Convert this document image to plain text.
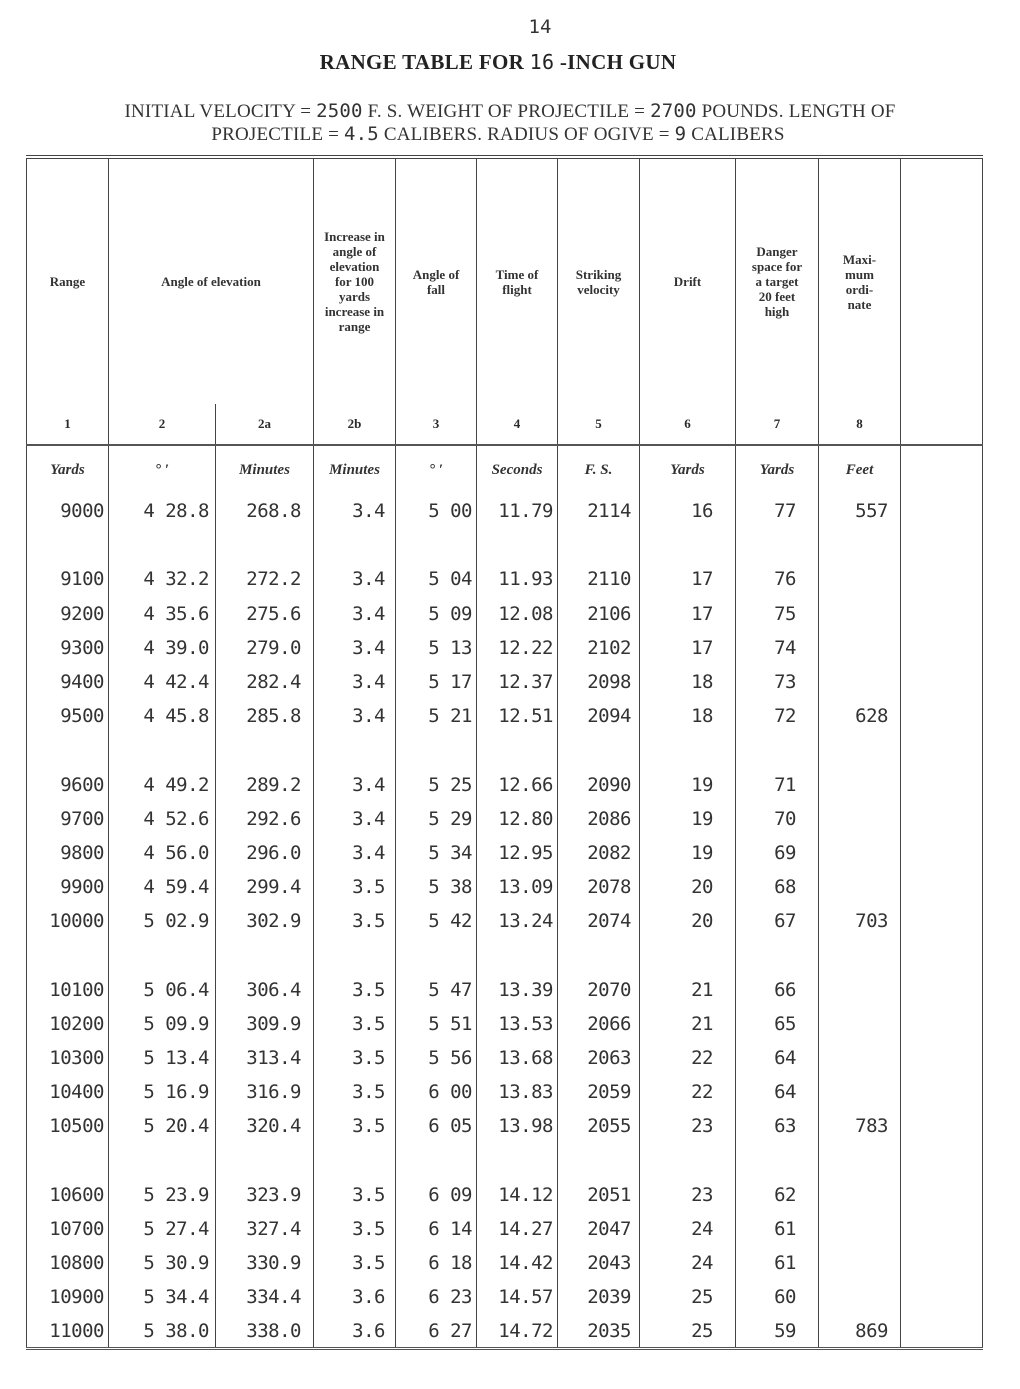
14
RANGE TABLE FOR 16 -INCH GUN
INITIAL VELOCITY = 2500 F. S. WEIGHT OF PROJECTILE = 2700 POUNDS. LENGTH OF
PROJECTILE = 4.5 CALIBERS. RADIUS OF OGIVE = 9 CALIBERS
Range	Angle of elevation		Increase in angle of elevation for 100 yards increase in range	Angle of fall	Time of flight	Striking velocity	Drift	Danger space for a target 20 feet high	Maxi- mum ordi- nate	
1	2	2a	2b	3	4	5	6	7	8	
Yards	° ′	Minutes	Minutes	° ′	Seconds	F. S.	Yards	Yards	Feet	
9000	4 28.8	268.8	3.4	5 00	11.79	2114	16	77	557	

9100	4 32.2	272.2	3.4	5 04	11.93	2110	17	76		
9200	4 35.6	275.6	3.4	5 09	12.08	2106	17	75		
9300	4 39.0	279.0	3.4	5 13	12.22	2102	17	74		
9400	4 42.4	282.4	3.4	5 17	12.37	2098	18	73		
9500	4 45.8	285.8	3.4	5 21	12.51	2094	18	72	628	

9600	4 49.2	289.2	3.4	5 25	12.66	2090	19	71		
9700	4 52.6	292.6	3.4	5 29	12.80	2086	19	70		
9800	4 56.0	296.0	3.4	5 34	12.95	2082	19	69		
9900	4 59.4	299.4	3.5	5 38	13.09	2078	20	68		
10000	5 02.9	302.9	3.5	5 42	13.24	2074	20	67	703	

10100	5 06.4	306.4	3.5	5 47	13.39	2070	21	66		
10200	5 09.9	309.9	3.5	5 51	13.53	2066	21	65		
10300	5 13.4	313.4	3.5	5 56	13.68	2063	22	64		
10400	5 16.9	316.9	3.5	6 00	13.83	2059	22	64		
10500	5 20.4	320.4	3.5	6 05	13.98	2055	23	63	783	

10600	5 23.9	323.9	3.5	6 09	14.12	2051	23	62		
10700	5 27.4	327.4	3.5	6 14	14.27	2047	24	61		
10800	5 30.9	330.9	3.5	6 18	14.42	2043	24	61		
10900	5 34.4	334.4	3.6	6 23	14.57	2039	25	60		
11000	5 38.0	338.0	3.6	6 27	14.72	2035	25	59	869	
